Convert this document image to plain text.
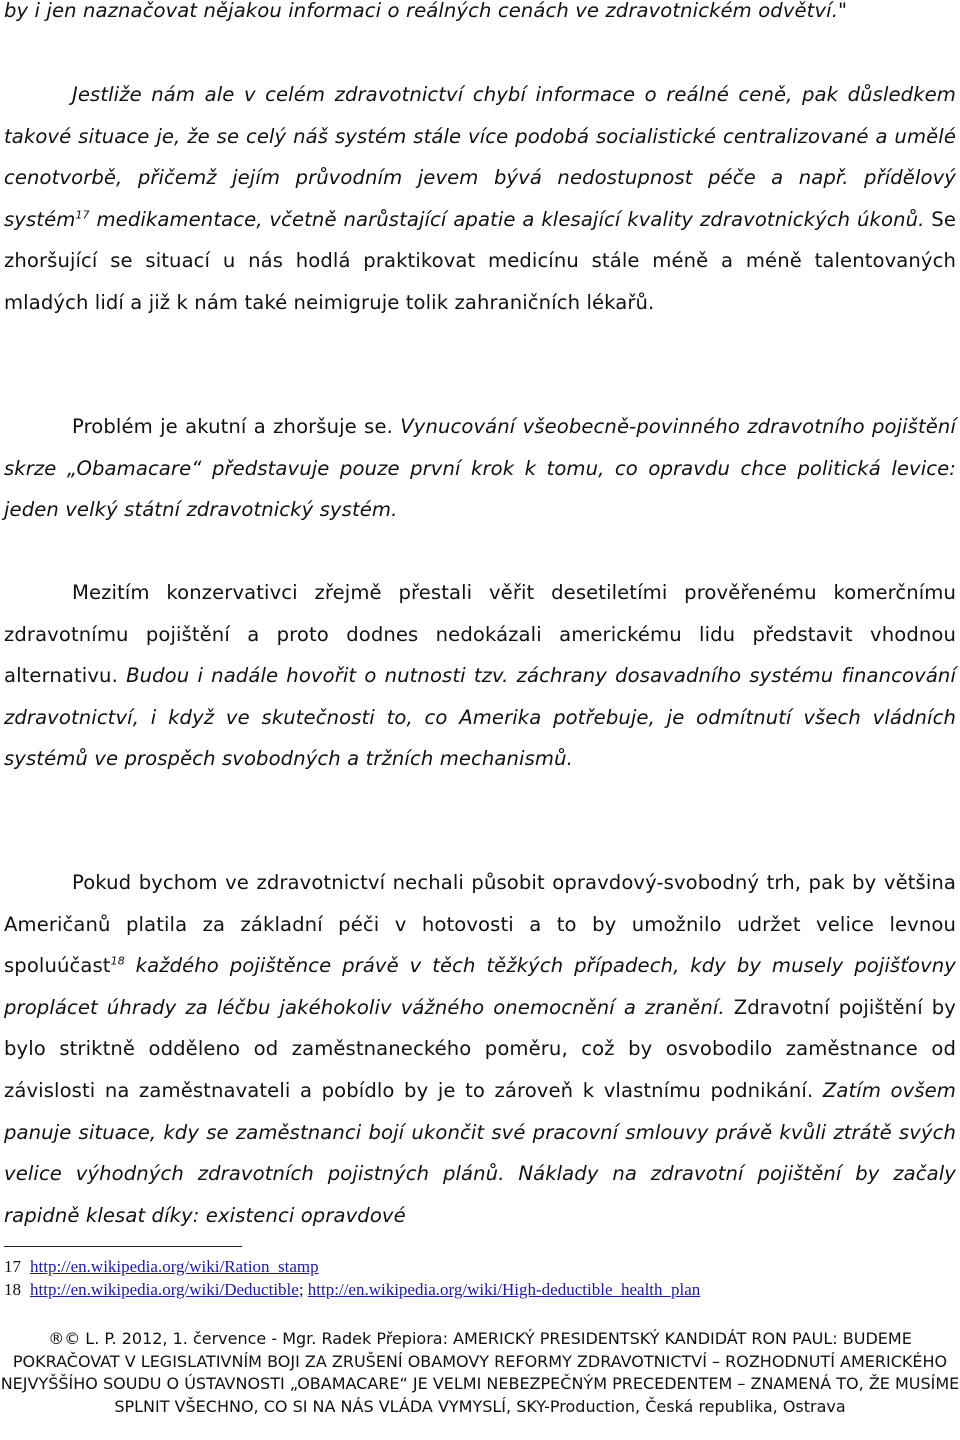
by i jen naznačovat nějakou informaci o reálných cenách ve zdravotnickém odvětví."

Jestliže nám ale v celém zdravotnictví chybí informace o reálné ceně, pak důsledkem takové situace je, že se celý náš systém stále více podobá socialistické centralizované a umělé cenotvorbě, přičemž jejím průvodním jevem bývá nedostupnost péče a např. přídělový systém$^{17}$ medikamentace, včetně narůstající apatie a klesající kvality zdravotnických úkonů. Se zhoršující se situací u nás hodlá praktikovat medicínu stále méně a méně talentovaných mladých lidí a již k nám také neimigruje tolik zahraničních lékařů.

Problém je akutní a zhoršuje se. Vynucování všeobecně-povinného zdravotního pojištění skrze „Obamacare“ představuje pouze první krok k tomu, co opravdu chce politická levice: jeden velký státní zdravotnický systém.

Mezitím konzervativci zřejmě přestali věřit desetiletími prověřenému komerčnímu zdravotnímu pojištění a proto dodnes nedokázali americkému lidu představit vhodnou alternativu. Budou i nadále hovořit o nutnosti tzv. záchrany dosavadního systému financování zdravotnictví, i když ve skutečnosti to, co Amerika potřebuje, je odmítnutí všech vládních systémů ve prospěch svobodných a tržních mechanismů.

Pokud bychom ve zdravotnictví nechali působit opravdový-svobodný trh, pak by většina Američanů platila za základní péči v hotovosti a to by umožnilo udržet velice levnou spoluúčast$^{18}$ každého pojištěnce právě v těch těžkých případech, kdy by musely pojišťovny proplácet úhrady za léčbu jakéhokoliv vážného onemocnění a zranění. Zdravotní pojištění by bylo striktně odděleno od zaměstnaneckého poměru, což by osvobodilo zaměstnance od závislosti na zaměstnavateli a pobídlo by je to zároveň k vlastnímu podnikání. Zatím ovšem panuje situace, kdy se zaměstnanci bojí ukončit své pracovní smlouvy právě kvůli ztrátě svých velice výhodných zdravotních pojistných plánů. Náklady na zdravotní pojištění by začaly rapidně klesat díky: existenci opravdové

17 http://en.wikipedia.org/wiki/Ration_stamp
18 http://en.wikipedia.org/wiki/Deductible; http://en.wikipedia.org/wiki/High-deductible_health_plan

®© L. P. 2012, 1. července - Mgr. Radek Přepiora: AMERICKÝ PRESIDENTSKÝ KANDIDÁT RON PAUL: BUDEME POKRAČOVAT V LEGISLATIVNÍM BOJI ZA ZRUŠENÍ OBAMOVY REFORMY ZDRAVOTNICTVÍ – ROZHODNUTÍ AMERICKÉHO NEJVYŠŠÍHO SOUDU O ÚSTAVNOSTI „OBAMACARE“ JE VELMI NEBEZPEČNÝM PRECEDENTEM – ZNAMENÁ TO, ŽE MUSÍME SPLNIT VŠECHNO, CO SI NA NÁS VLÁDA VYMYSLÍ, SKY-Production, Česká republika, Ostrava
